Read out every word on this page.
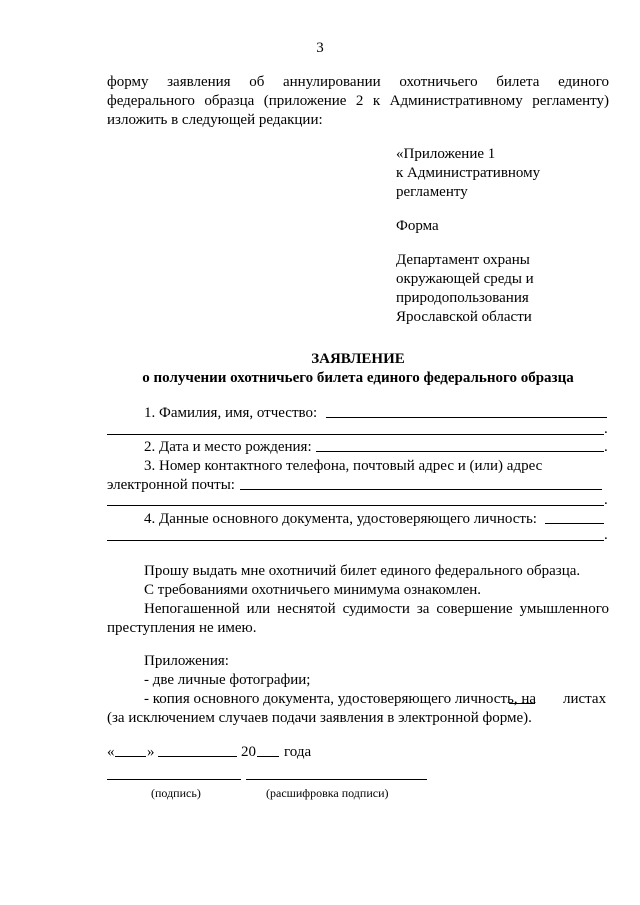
3
форму заявления об аннулировании охотничьего билета единого
федерального образца (приложение 2 к Административному регламенту)
изложить в следующей редакции:
«Приложение 1
к Административному
регламенту
Форма
Департамент охраны
окружающей среды и
природопользования
Ярославской области
ЗАЯВЛЕНИЕ
о получении охотничьего билета единого федерального образца
1. Фамилия, имя, отчество:
.
2. Дата и место рождения:	.
3. Номер контактного телефона, почтовый адрес и (или) адрес
электронной почты:
.
4. Данные основного документа, удостоверяющего личность:
.
Прошу выдать мне охотничий билет единого федерального образца.
С требованиями охотничьего минимума ознакомлен.
Непогашенной или неснятой судимости за совершение умышленного
преступления не имею.
Приложения:
- две личные фотографии;
- копия основного документа, удостоверяющего личность, на листах
(за исключением случаев подачи заявления в электронной форме).
« »	20 года
(подпись)	(расшифровка подписи)
